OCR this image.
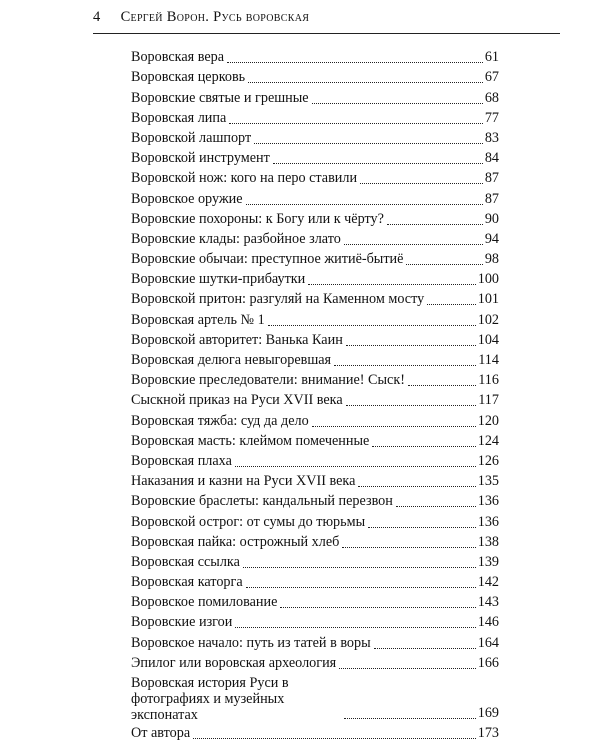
4 Сергей Ворон. Русь воровская
Воровская вера	61
Воровская церковь	67
Воровские святые и грешные	68
Воровская липа	77
Воровской лашпорт	83
Воровской инструмент	84
Воровской нож: кого на перо ставили	87
Воровское оружие	87
Воровские похороны: к Богу или к чёрту?	90
Воровские клады: разбойное злато	94
Воровские обычаи: преступное житиё-бытиё	98
Воровские шутки-прибаутки	100
Воровской притон: разгуляй на Каменном мосту	101
Воровская артель № 1	102
Воровской авторитет: Ванька Каин	104
Воровская делюга невыгоревшая	114
Воровские преследователи: внимание! Сыск!	116
Сыскной приказ на Руси XVII века	117
Воровская тяжба: суд да дело	120
Воровская масть: клеймом помеченные	124
Воровская плаха	126
Наказания и казни на Руси XVII века	135
Воровские браслеты: кандальный перезвон	136
Воровской острог: от сумы до тюрьмы	136
Воровская пайка: острожный хлеб	138
Воровская ссылка	139
Воровская каторга	142
Воровское помилование	143
Воровские изгои	146
Воровское начало: путь из татей в воры	164
Эпилог или воровская археология	166
Воровская история Руси в фотографиях и музейных экспонатах	169
От автора	173
